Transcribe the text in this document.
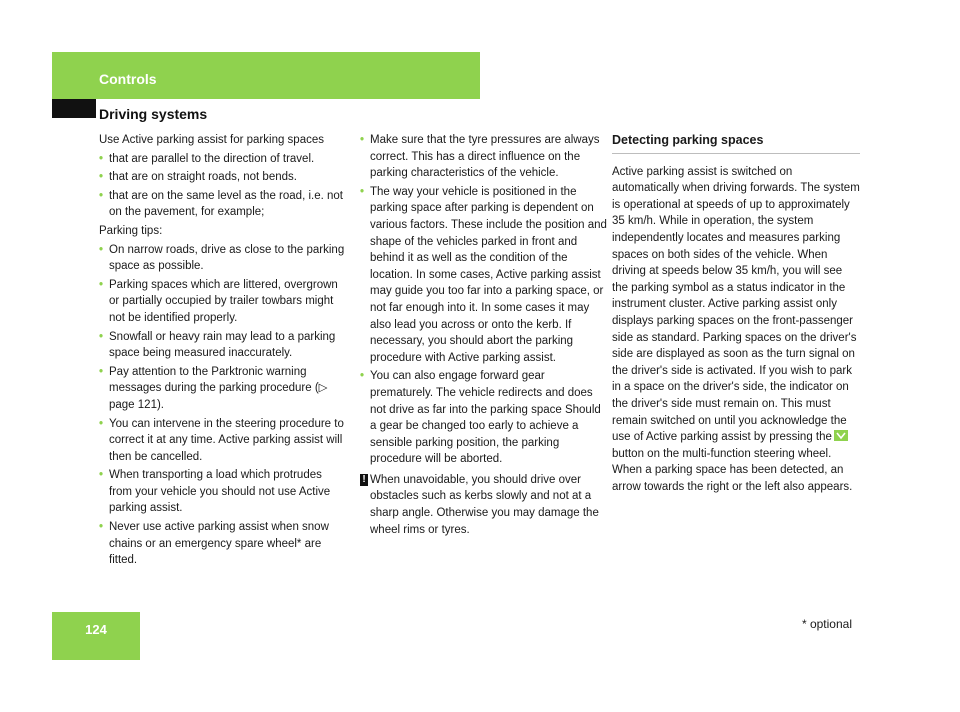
Controls
Driving systems

Use Active parking assist for parking spaces

• that are parallel to the direction of travel.
• that are on straight roads, not bends.
• that are on the same level as the road, i.e. not on the pavement, for example;

Parking tips:

• On narrow roads, drive as close to the parking space as possible.
• Parking spaces which are littered, overgrown or partially occupied by trailer towbars might not be identified properly.
• Snowfall or heavy rain may lead to a parking space being measured inaccurately.
• Pay attention to the Parktronic warning messages during the parking procedure (▷ page 121).
• You can intervene in the steering procedure to correct it at any time. Active parking assist will then be cancelled.
• When transporting a load which protrudes from your vehicle you should not use Active parking assist.
• Never use active parking assist when snow chains or an emergency spare wheel* are fitted.
• Make sure that the tyre pressures are always correct. This has a direct influence on the parking characteristics of the vehicle.
• The way your vehicle is positioned in the parking space after parking is dependent on various factors. These include the position and shape of the vehicles parked in front and behind it as well as the condition of the location. In some cases, Active parking assist may guide you too far into a parking space, or not far enough into it. In some cases it may also lead you across or onto the kerb. If necessary, you should abort the parking procedure with Active parking assist.
• You can also engage forward gear prematurely. The vehicle redirects and does not drive as far into the parking space Should a gear be changed too early to achieve a sensible parking position, the parking procedure will be aborted.
! When unavoidable, you should drive over obstacles such as kerbs slowly and not at a sharp angle. Otherwise you may damage the wheel rims or tyres.

Detecting parking spaces

Active parking assist is switched on automatically when driving forwards. The system is operational at speeds of up to approximately 35 km/h. While in operation, the system independently locates and measures parking spaces on both sides of the vehicle. When driving at speeds below 35 km/h, you will see the parking symbol as a status indicator in the instrument cluster. Active parking assist only displays parking spaces on the front-passenger side as standard. Parking spaces on the driver's side are displayed as soon as the turn signal on the driver's side is activated. If you wish to park in a space on the driver's side, the indicator on the driver's side must remain on. This must remain switched on until you acknowledge the use of Active parking assist by pressing the
button on the multi-function steering wheel.

When a parking space has been detected, an arrow towards the right or the left also appears.

124	* optional
